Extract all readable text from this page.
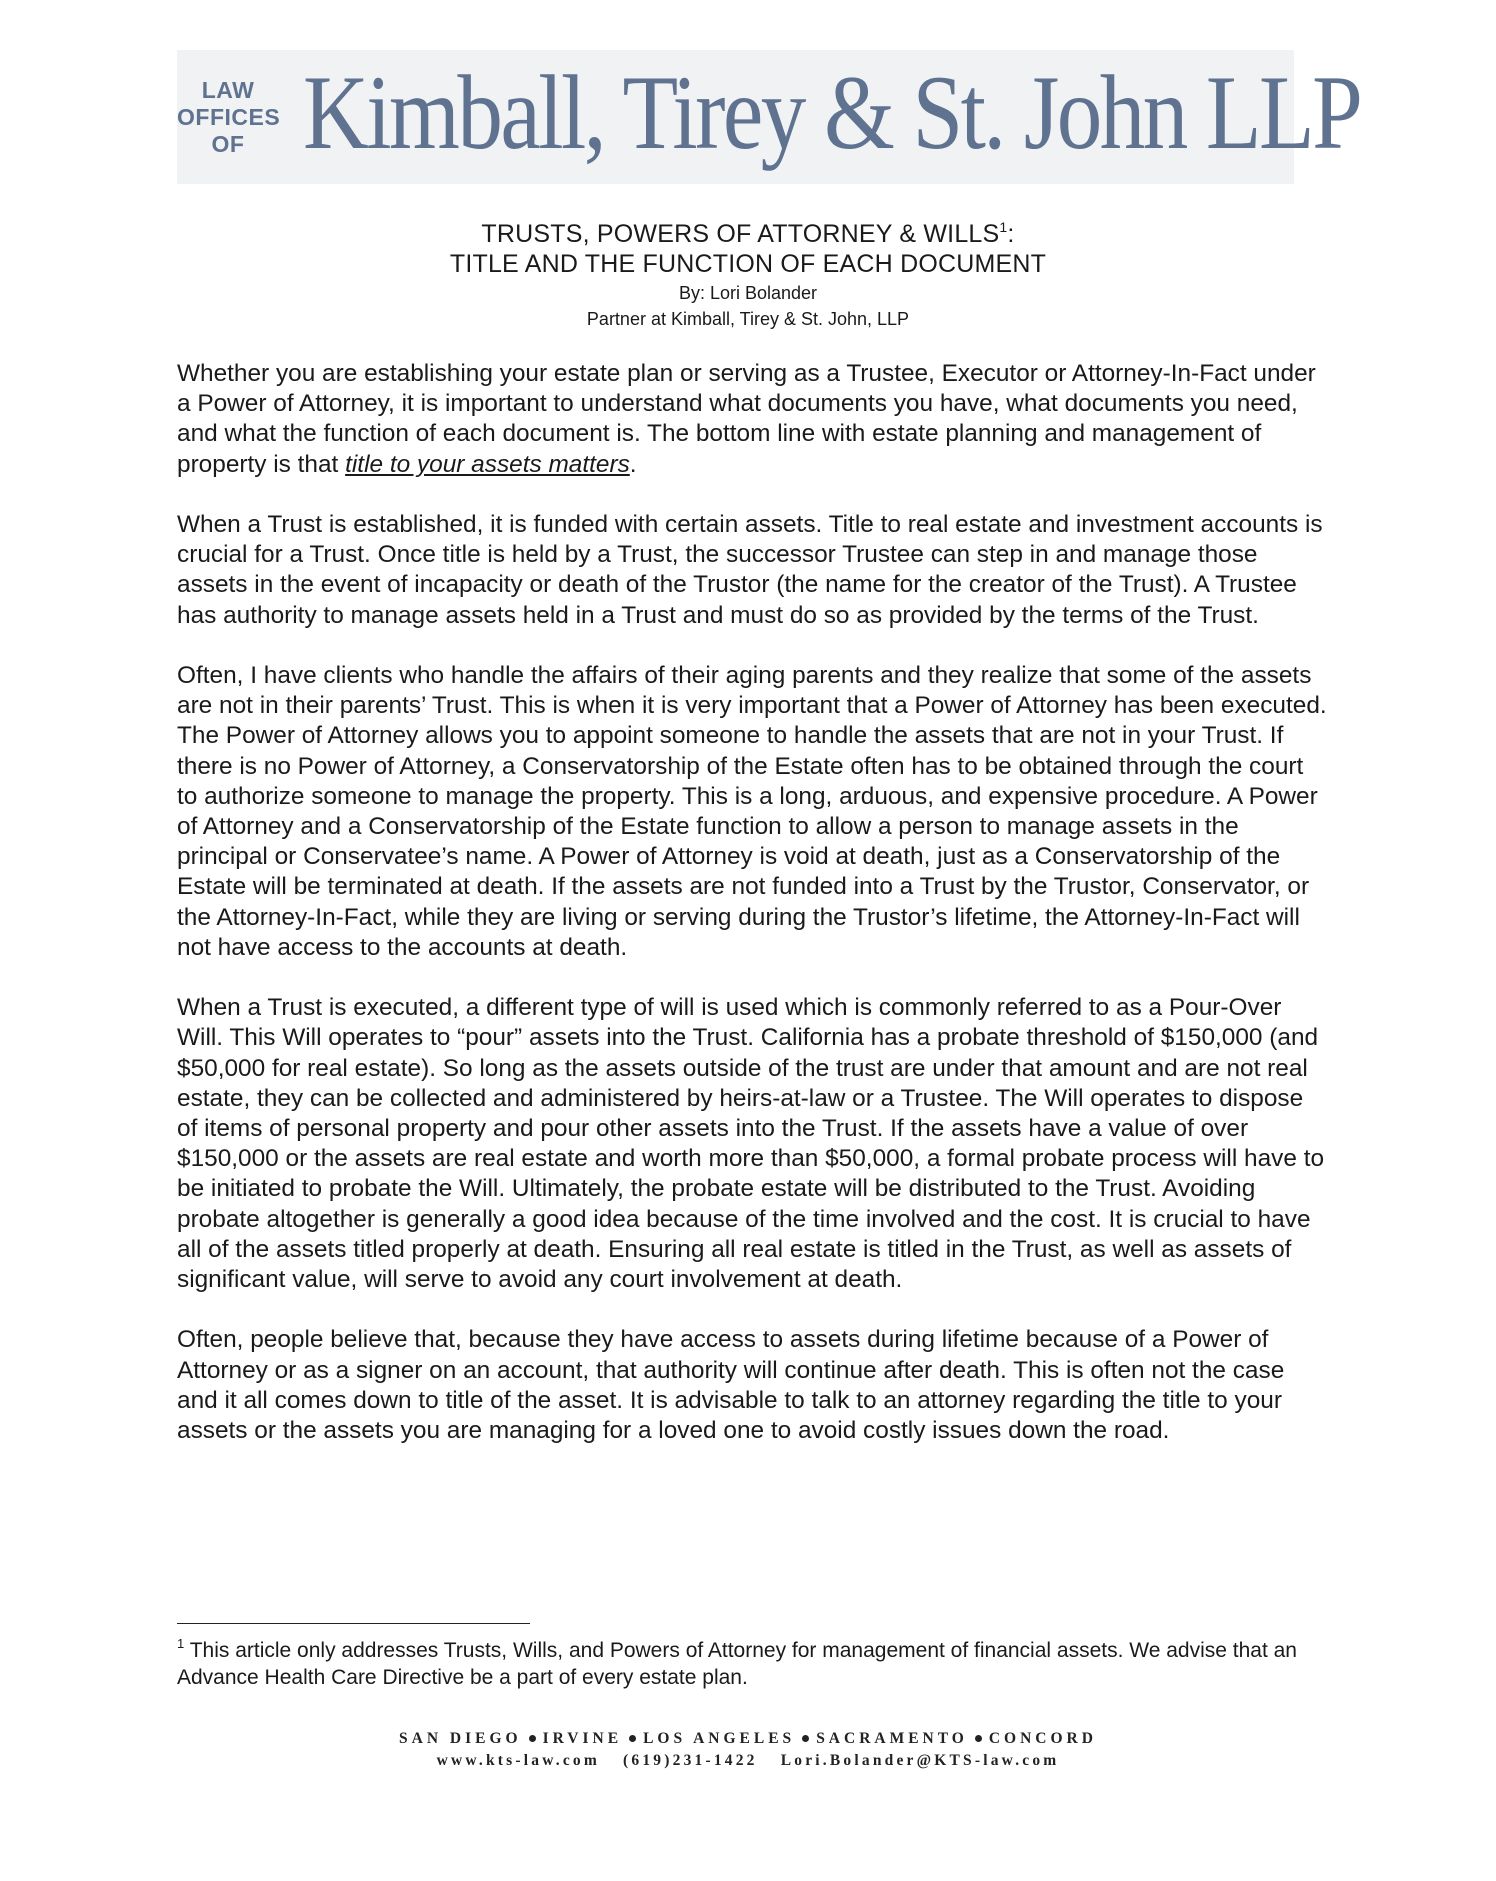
LAW
OFFICES
OF Kimball, Tirey & St. John LLP
TRUSTS, POWERS OF ATTORNEY & WILLS$^1$:
TITLE AND THE FUNCTION OF EACH DOCUMENT
By: Lori Bolander
Partner at Kimball, Tirey & St. John, LLP

Whether you are establishing your estate plan or serving as a Trustee, Executor or Attorney-In-Fact under a Power of Attorney, it is important to understand what documents you have, what documents you need, and what the function of each document is. The bottom line with estate planning and management of property is that title to your assets matters.

When a Trust is established, it is funded with certain assets. Title to real estate and investment accounts is crucial for a Trust. Once title is held by a Trust, the successor Trustee can step in and manage those assets in the event of incapacity or death of the Trustor (the name for the creator of the Trust). A Trustee has authority to manage assets held in a Trust and must do so as provided by the terms of the Trust.

Often, I have clients who handle the affairs of their aging parents and they realize that some of the assets are not in their parents’ Trust. This is when it is very important that a Power of Attorney has been executed. The Power of Attorney allows you to appoint someone to handle the assets that are not in your Trust. If there is no Power of Attorney, a Conservatorship of the Estate often has to be obtained through the court to authorize someone to manage the property. This is a long, arduous, and expensive procedure. A Power of Attorney and a Conservatorship of the Estate function to allow a person to manage assets in the principal or Conservatee’s name. A Power of Attorney is void at death, just as a Conservatorship of the Estate will be terminated at death. If the assets are not funded into a Trust by the Trustor, Conservator, or the Attorney-In-Fact, while they are living or serving during the Trustor’s lifetime, the Attorney-In-Fact will not have access to the accounts at death.

When a Trust is executed, a different type of will is used which is commonly referred to as a Pour-Over Will. This Will operates to “pour” assets into the Trust. California has a probate threshold of $150,000 (and $50,000 for real estate). So long as the assets outside of the trust are under that amount and are not real estate, they can be collected and administered by heirs-at-law or a Trustee. The Will operates to dispose of items of personal property and pour other assets into the Trust. If the assets have a value of over $150,000 or the assets are real estate and worth more than $50,000, a formal probate process will have to be initiated to probate the Will. Ultimately, the probate estate will be distributed to the Trust. Avoiding probate altogether is generally a good idea because of the time involved and the cost. It is crucial to have all of the assets titled properly at death. Ensuring all real estate is titled in the Trust, as well as assets of significant value, will serve to avoid any court involvement at death.

Often, people believe that, because they have access to assets during lifetime because of a Power of Attorney or as a signer on an account, that authority will continue after death. This is often not the case and it all comes down to title of the asset. It is advisable to talk to an attorney regarding the title to your assets or the assets you are managing for a loved one to avoid costly issues down the road.

$^1$ This article only addresses Trusts, Wills, and Powers of Attorney for management of financial assets. We advise that an Advance Health Care Directive be a part of every estate plan.
SAN DIEGO IRVINE LOS ANGELES SACRAMENTO CONCORD
www.kts-law.com (619)231-1422 Lori.Bolander@KTS-law.com
